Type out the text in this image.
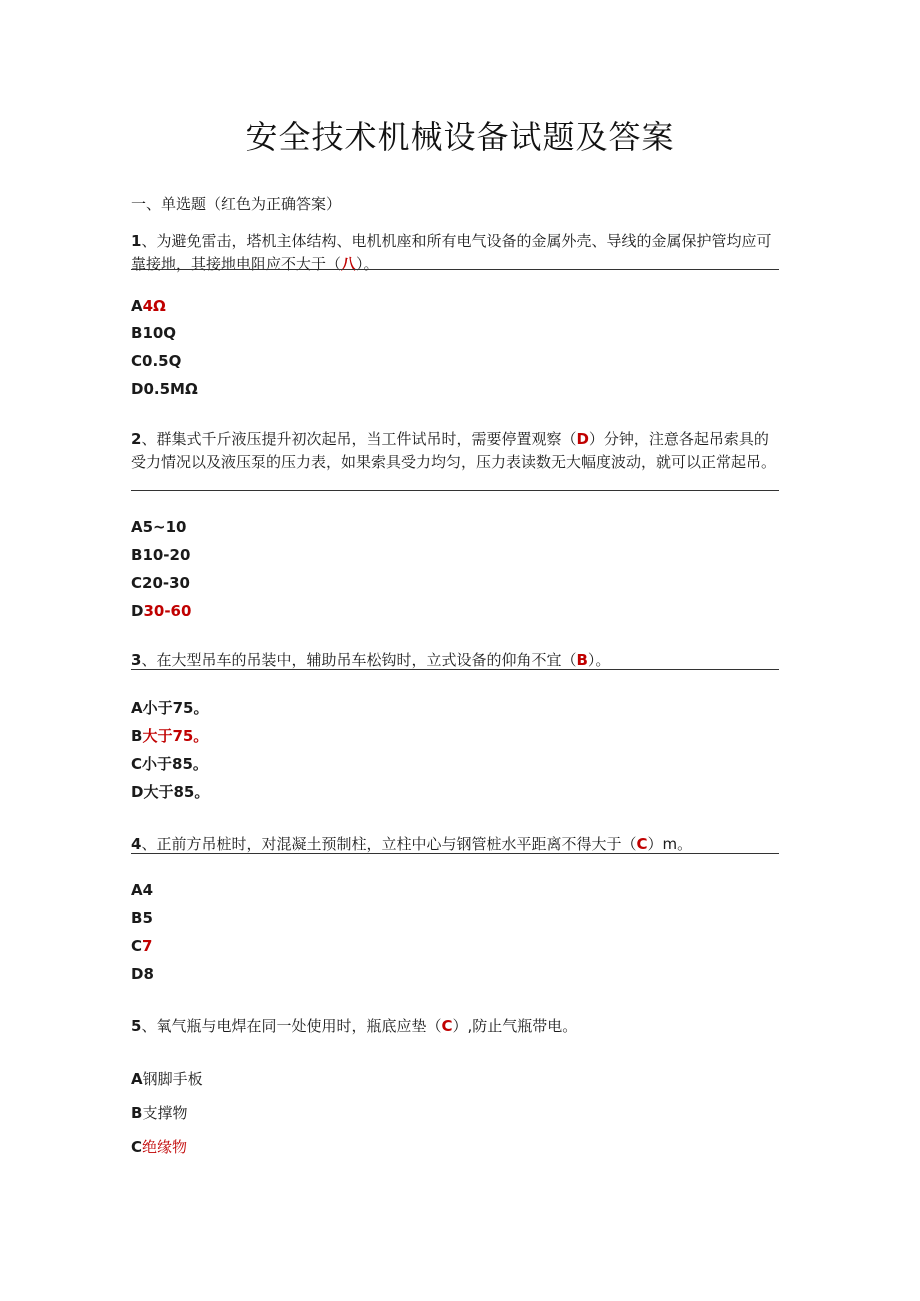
安全技术机械设备试题及答案
一、单选题（红色为正确答案）
1、为避免雷击，塔机主体结构、电机机座和所有电气设备的金属外壳、导线的金属保护管均应可靠接地，其接地电阻应不大于（八）。
A4Ω
B10Q
C0.5Q
D0.5MΩ
2、群集式千斤液压提升初次起吊，当工件试吊时，需要停置观察（D）分钟，注意各起吊索具的受力情况以及液压泵的压力表，如果索具受力均匀，压力表读数无大幅度波动，就可以正常起吊。
A5~10
B10-20
C20-30
D30-60
3、在大型吊车的吊装中，辅助吊车松钩时，立式设备的仰角不宜（B）。
A小于75。
B大于75。
C小于85。
D大于85。
4、正前方吊桩时，对混凝土预制柱，立柱中心与钢管桩水平距离不得大于（C）m。
A4
B5
C7
D8
5、氧气瓶与电焊在同一处使用时，瓶底应垫（C）,防止气瓶带电。
A钢脚手板
B支撑物
C绝缘物
